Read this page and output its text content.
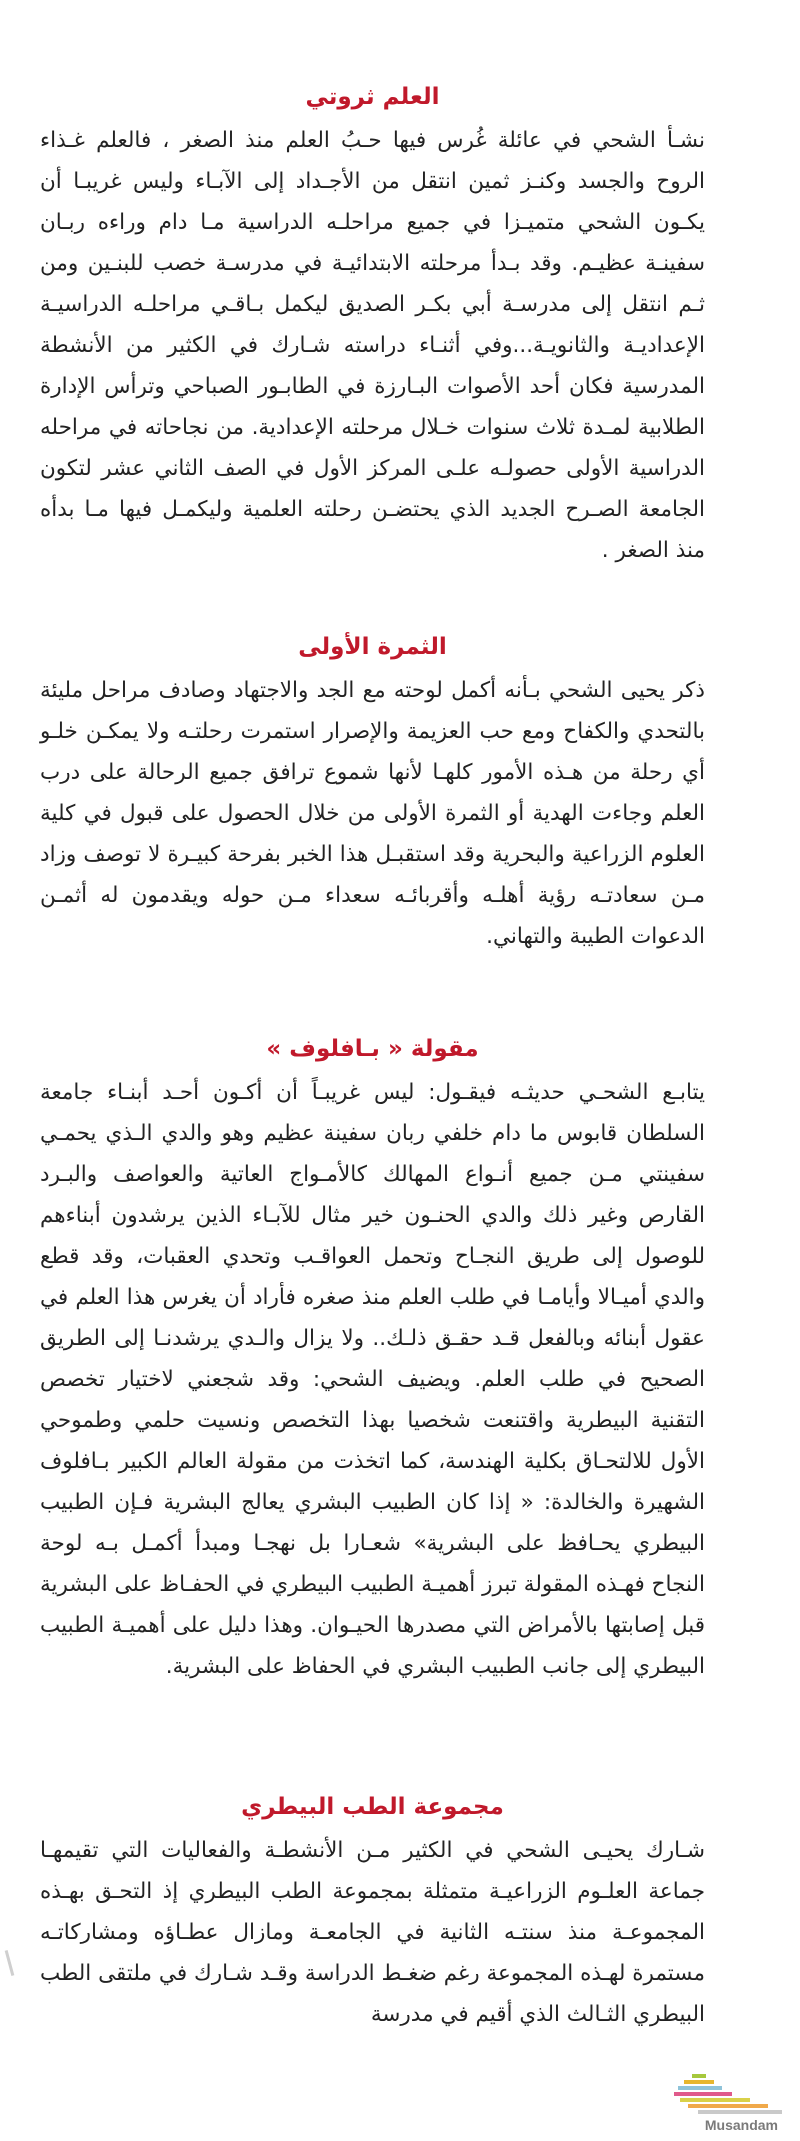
العلم ثروتي

نشـأ الشحي في عائلة غُرس فيها حـبُ العلم منذ الصغر ، فالعلم غـذاء الروح والجسد وكنـز ثمين انتقل من الأجـداد إلى الآبـاء وليس غريبـا أن يكـون الشحي متميـزا في جميع مراحلـه الدراسية مـا دام وراءه ربـان سفينـة عظيـم. وقد بـدأ مرحلته الابتدائيـة في مدرسـة خصب للبنـين ومن ثـم انتقل إلى مدرسـة أبي بكـر الصديق ليكمل بـاقـي مراحلـه الدراسيـة الإعداديـة والثانويـة...وفي أثنـاء دراسته شـارك في الكثير من الأنشطة المدرسية فكان أحد الأصوات البـارزة في الطابـور الصباحي وترأس الإدارة الطلابية لمـدة ثلاث سنوات خـلال مرحلته الإعدادية. من نجاحاته في مراحله الدراسية الأولى حصولـه علـى المركز الأول في الصف الثاني عشر لتكون الجامعة الصـرح الجديد الذي يحتضـن رحلته العلمية وليكمـل فيها مـا بدأه منذ الصغر .

الثمرة الأولى

ذكر يحيى الشحي بـأنه أكمل لوحته مع الجد والاجتهاد وصادف مراحل مليئة بالتحدي والكفاح ومع حب العزيمة والإصرار استمرت رحلتـه ولا يمكـن خلـو أي رحلة من هـذه الأمور كلهـا لأنها شموع ترافق جميع الرحالة على درب العلم وجاءت الهدية أو الثمرة الأولى من خلال الحصول على قبول في كلية العلوم الزراعية والبحرية وقد استقبـل هذا الخبر بفرحة كبيـرة لا توصف وزاد مـن سعادتـه رؤية أهلـه وأقربائـه سعداء مـن حوله ويقدمون له أثمـن الدعوات الطيبة والتهاني.

مقولة « بـافلوف »

يتابـع الشحـي حديثـه فيقـول: ليس غريبـاً أن أكـون أحـد أبنـاء جامعة السلطان قابوس ما دام خلفي ربان سفينة عظيم وهو والدي الـذي يحمـي سفينتي مـن جميع أنـواع المهالك كالأمـواج العاتية والعواصف والبـرد القارص وغير ذلك والدي الحنـون خير مثال للآبـاء الذين يرشدون أبناءهم للوصول إلى طريق النجـاح وتحمل العواقـب وتحدي العقبات، وقد قطع والدي أميـالا وأيامـا في طلب العلم منذ صغره فأراد أن يغرس هذا العلم في عقول أبنائه وبالفعل قـد حقـق ذلـك.. ولا يزال والـدي يرشدنـا إلى الطريق الصحيح في طلب العلم. ويضيف الشحي: وقد شجعني لاختيار تخصص التقنية البيطرية واقتنعت شخصيا بهذا التخصص ونسيت حلمي وطموحي الأول للالتحـاق بكلية الهندسة، كما اتخذت من مقولة العالم الكبير بـافلوف الشهيرة والخالدة: « إذا كان الطبيب البشري يعالج البشرية فـإن الطبيب البيطري يحـافظ على البشرية» شعـارا بل نهجـا ومبدأ أكمـل بـه لوحة النجاح فهـذه المقولة تبرز أهميـة الطبيب البيطري في الحفـاظ على البشرية قبل إصابتها بالأمراض التي مصدرها الحيـوان. وهذا دليل على أهميـة الطبيب البيطري إلى جانب الطبيب البشري في الحفاظ على البشرية.

مجموعة الطب البيطري

شـارك يحيـى الشحي في الكثير مـن الأنشطـة والفعاليات التي تقيمهـا جماعة العلـوم الزراعيـة متمثلة بمجموعة الطب البيطري إذ التحـق بهـذه المجموعـة منذ سنتـه الثانية في الجامعـة ومازال عطـاؤه ومشاركاتـه مستمرة لهـذه المجموعة رغم ضغـط الدراسة وقـد شـارك في ملتقى الطب البيطري الثـالث الذي أقيم في مدرسة

Musandam
